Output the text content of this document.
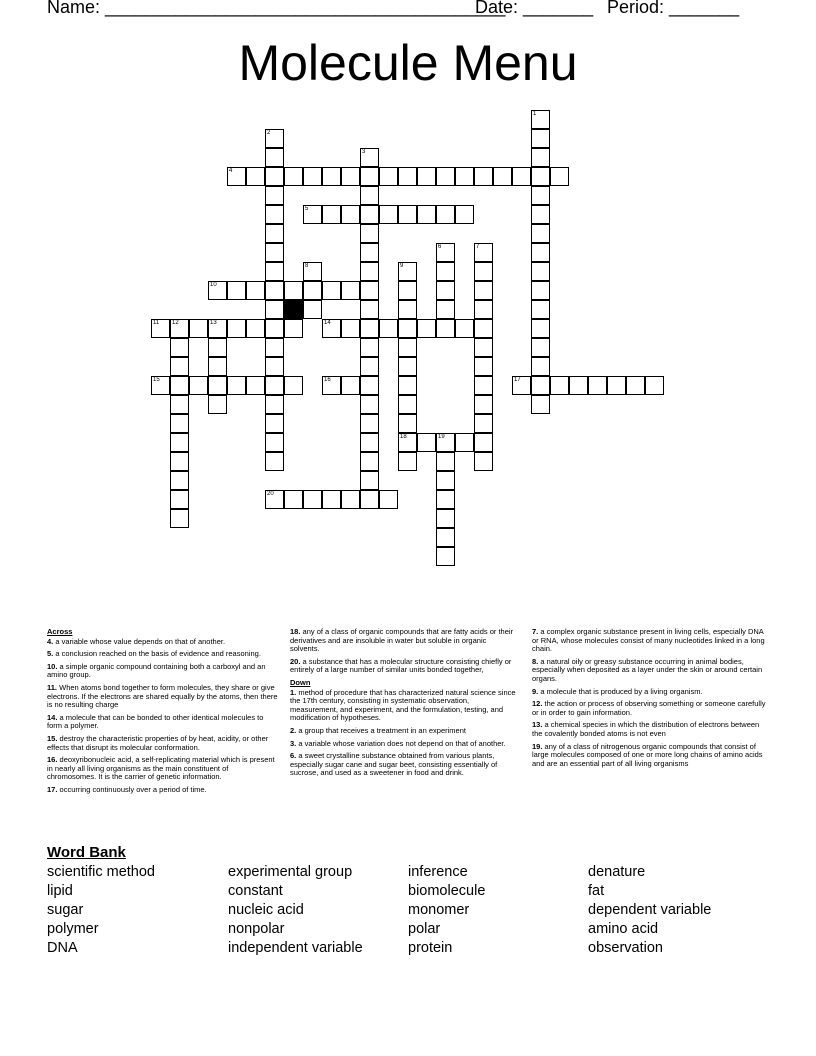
Name: ________________________________________
Date: _______ Period: _______
Molecule Menu
1
2
3
4
5
6	7
8	9
18
10
11 12	13	14
15	16	17
19
20
Across
4. a variable whose value depends on that of another.
5. a conclusion reached on the basis of evidence and reasoning.
10. a simple organic compound containing both a carboxyl and an amino group.
11. When atoms bond together to form molecules, they share or give electrons. If the electrons are shared equally by the atoms, then there is no resulting charge
14. a molecule that can be bonded to other identical molecules to form a polymer.
15. destroy the characteristic properties of by heat, acidity, or other effects that disrupt its molecular conformation.
16. deoxyribonucleic acid, a self-replicating material which is present in nearly all living organisms as the main constituent of chromosomes. It is the carrier of genetic information.
17. occurring continuously over a period of time.
18. any of a class of organic compounds that are fatty acids or their derivatives and are insoluble in water but soluble in organic solvents.
20. a substance that has a molecular structure consisting chiefly or entirely of a large number of similar units bonded together,
Down
1. method of procedure that has characterized natural science since the 17th century, consisting in systematic observation, measurement, and experiment, and the formulation, testing, and modification of hypotheses.
2. a group that receives a treatment in an experiment
3. a variable whose variation does not depend on that of another.
6. a sweet crystalline substance obtained from various plants, especially sugar cane and sugar beet, consisting essentially of sucrose, and used as a sweetener in food and drink.
7. a complex organic substance present in living cells, especially DNA or RNA, whose molecules consist of many nucleotides linked in a long chain.
8. a natural oily or greasy substance occurring in animal bodies, especially when deposited as a layer under the skin or around certain organs.
9. a molecule that is produced by a living organism.
12. the action or process of observing something or someone carefully or in order to gain information.
13. a chemical species in which the distribution of electrons between the covalently bonded atoms is not even
19. any of a class of nitrogenous organic compounds that consist of large molecules composed of one or more long chains of amino acids and are an essential part of all living organisms
Word Bank
scientific method
lipid
sugar
polymer
DNA
experimental group
constant
nucleic acid
nonpolar
independent variable
inference
biomolecule
monomer
polar
protein
denature
fat
dependent variable
amino acid
observation
